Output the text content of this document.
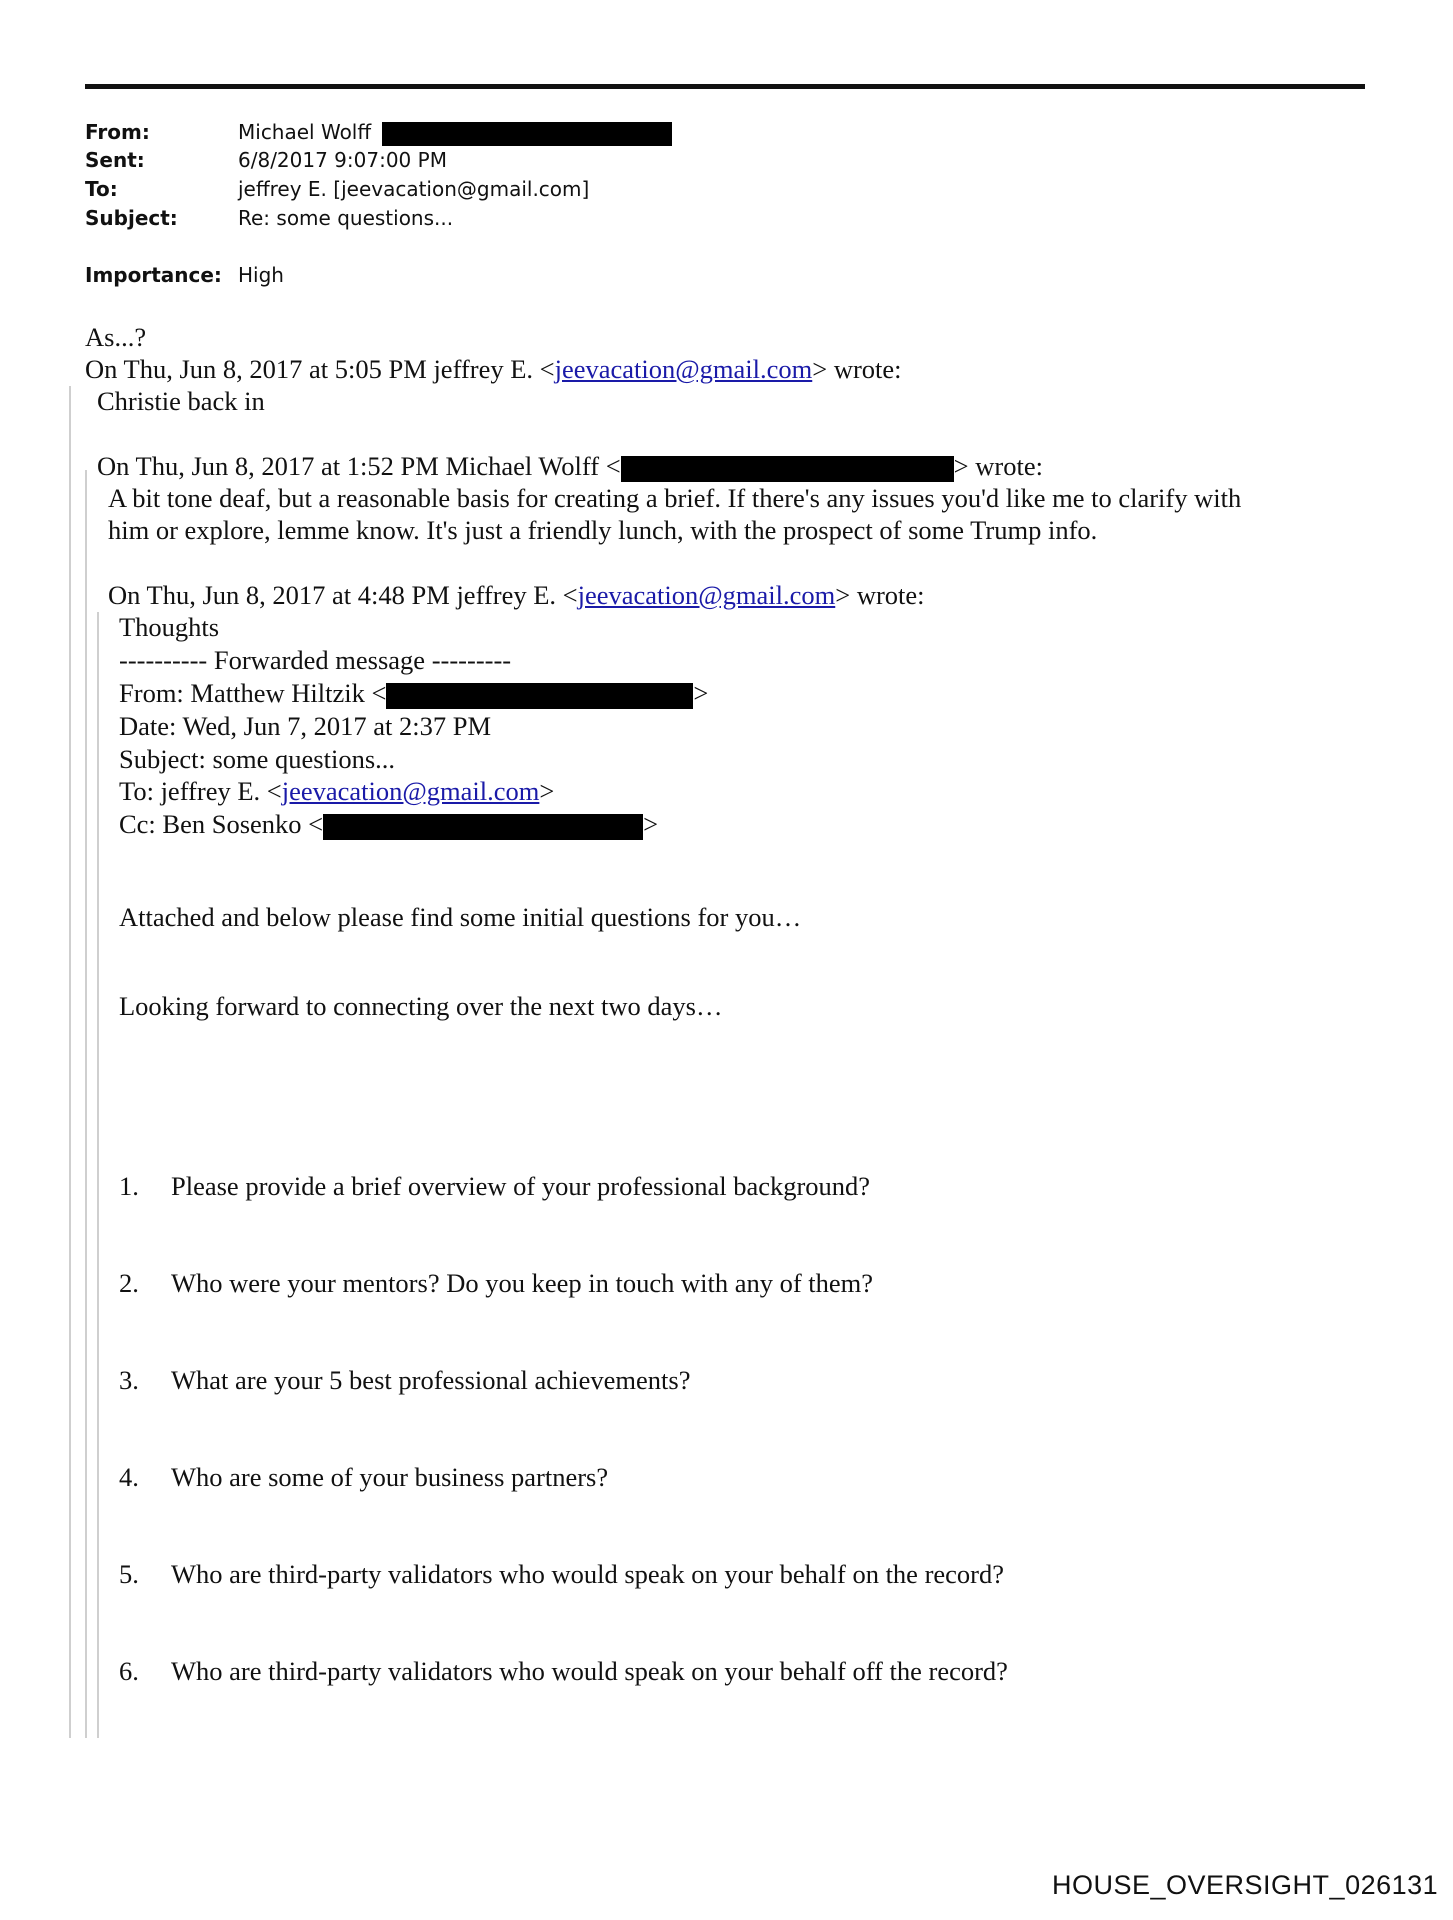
From:	Michael Wolff
Sent:	6/8/2017 9:07:00 PM
To:	jeffrey E. [jeevacation@gmail.com]
Subject:	Re: some questions...
Importance: High
As...?
On Thu, Jun 8, 2017 at 5:05 PM jeffrey E. <jeevacation@gmail.com> wrote:
Christie back in
On Thu, Jun 8, 2017 at 1:52 PM Michael Wolff <	> wrote:
A bit tone deaf, but a reasonable basis for creating a brief. If there's any issues you'd like me to clarify with
him or explore, lemme know. It's just a friendly lunch, with the prospect of some Trump info.
On Thu, Jun 8, 2017 at 4:48 PM jeffrey E. <jeevacation@gmail.com> wrote:
Thoughts
---------- Forwarded message ---------
From: Matthew Hiltzik <	>
Date: Wed, Jun 7, 2017 at 2:37 PM
Subject: some questions...
To: jeffrey E. <jeevacation@gmail.com>
Cc: Ben Sosenko <	>
Attached and below please find some initial questions for you…
Looking forward to connecting over the next two days…
1. Please provide a brief overview of your professional background?
2. Who were your mentors? Do you keep in touch with any of them?
3. What are your 5 best professional achievements?
4. Who are some of your business partners?
5. Who are third-party validators who would speak on your behalf on the record?
6. Who are third-party validators who would speak on your behalf off the record?
HOUSE_OVERSIGHT_026131
